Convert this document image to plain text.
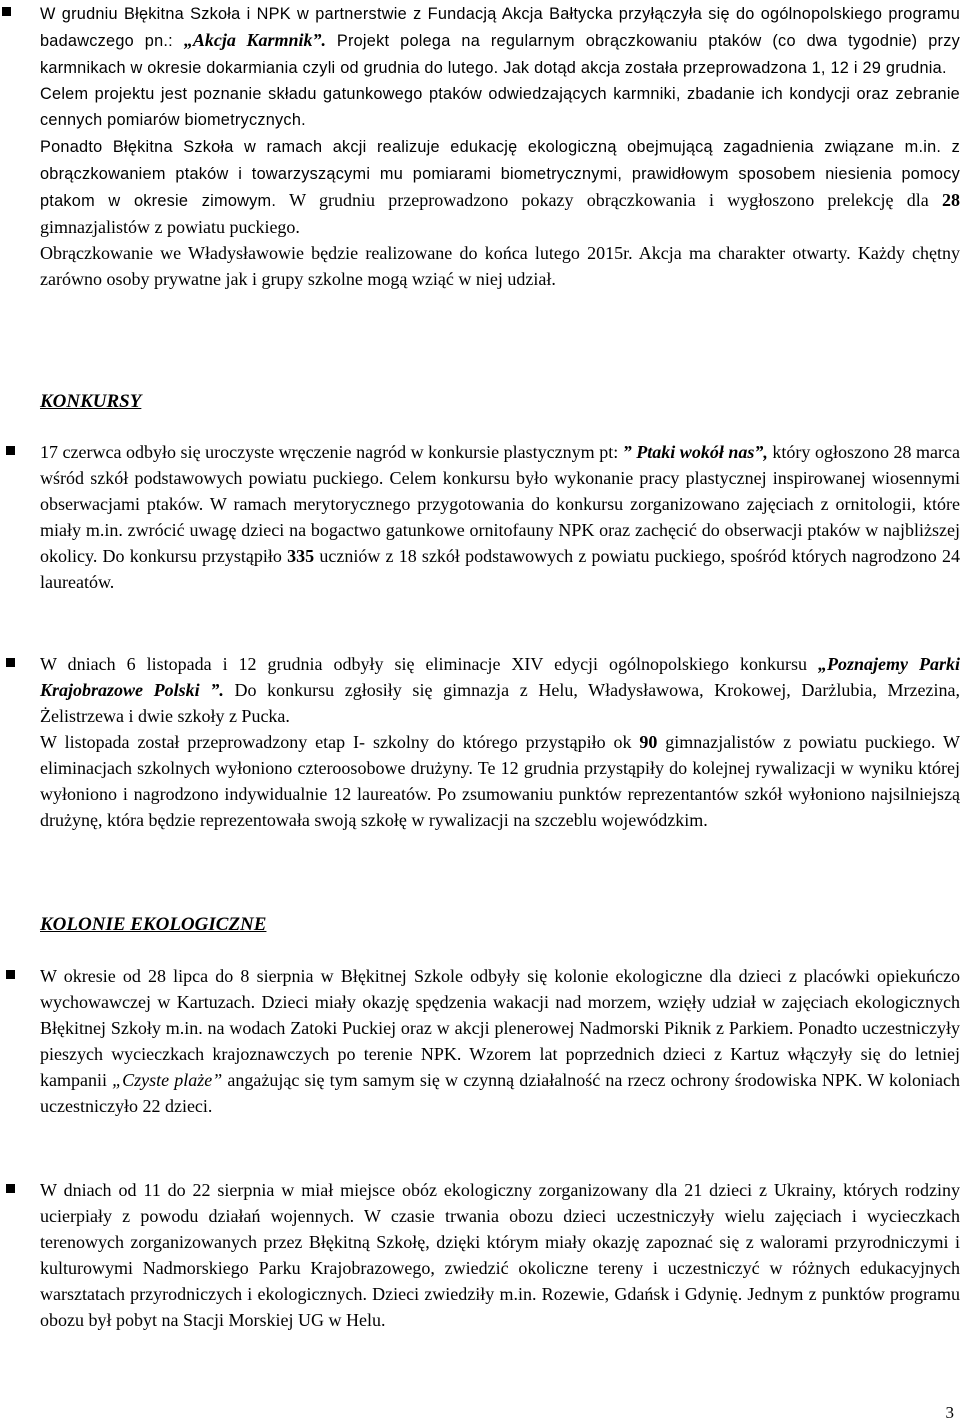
W grudniu Błękitna Szkoła i NPK w partnerstwie z Fundacją Akcja Bałtycka przyłączyła się do ogólnopolskiego programu badawczego pn.: „Akcja Karmnik”. Projekt polega na regularnym obrączkowaniu ptaków (co dwa tygodnie) przy karmnikach w okresie dokarmiania czyli od grudnia do lutego. Jak dotąd akcja została przeprowadzona 1, 12 i 29 grudnia.

Celem projektu jest poznanie składu gatunkowego ptaków odwiedzających karmniki, zbadanie ich kondycji oraz zebranie cennych pomiarów biometrycznych.

Ponadto Błękitna Szkoła w ramach akcji realizuje edukację ekologiczną obejmującą zagadnienia związane m.in. z obrączkowaniem ptaków i towarzyszącymi mu pomiarami biometrycznymi, prawidłowym sposobem niesienia pomocy ptakom w okresie zimowym. W grudniu przeprowadzono pokazy obrączkowania i wygłoszono prelekcję dla 28 gimnazjalistów z powiatu puckiego.

Obrączkowanie we Władysławowie będzie realizowane do końca lutego 2015r. Akcja ma charakter otwarty. Każdy chętny zarówno osoby prywatne jak i grupy szkolne mogą wziąć w niej udział.

KONKURSY

17 czerwca odbyło się uroczyste wręczenie nagród w konkursie plastycznym pt: ” Ptaki wokół nas”, który ogłoszono 28 marca wśród szkół podstawowych powiatu puckiego. Celem konkursu było wykonanie pracy plastycznej inspirowanej wiosennymi obserwacjami ptaków. W ramach merytorycznego przygotowania do konkursu zorganizowano zajęciach z ornitologii, które miały m.in. zwrócić uwagę dzieci na bogactwo gatunkowe ornitofauny NPK oraz zachęcić do obserwacji ptaków w najbliższej okolicy. Do konkursu przystąpiło 335 uczniów z 18 szkół podstawowych z powiatu puckiego, spośród których nagrodzono 24 laureatów.

W dniach 6 listopada i 12 grudnia odbyły się eliminacje XIV edycji ogólnopolskiego konkursu „Poznajemy Parki Krajobrazowe Polski ”. Do konkursu zgłosiły się gimnazja z Helu, Władysławowa, Krokowej, Darżlubia, Mrzezina, Żelistrzewa i dwie szkoły z Pucka.

W listopada został przeprowadzony etap I- szkolny do którego przystąpiło ok 90 gimnazjalistów z powiatu puckiego. W eliminacjach szkolnych wyłoniono czteroosobowe drużyny. Te 12 grudnia przystąpiły do kolejnej rywalizacji w wyniku której wyłoniono i nagrodzono indywidualnie 12 laureatów. Po zsumowaniu punktów reprezentantów szkół wyłoniono najsilniejszą drużynę, która będzie reprezentowała swoją szkołę w rywalizacji na szczeblu wojewódzkim.

KOLONIE EKOLOGICZNE

W okresie od 28 lipca do 8 sierpnia w Błękitnej Szkole odbyły się kolonie ekologiczne dla dzieci z placówki opiekuńczo wychowawczej w Kartuzach. Dzieci miały okazję spędzenia wakacji nad morzem, wzięły udział w zajęciach ekologicznych Błękitnej Szkoły m.in. na wodach Zatoki Puckiej oraz w akcji plenerowej Nadmorski Piknik z Parkiem. Ponadto uczestniczyły pieszych wycieczkach krajoznawczych po terenie NPK. Wzorem lat poprzednich dzieci z Kartuz włączyły się do letniej kampanii „Czyste plaże” angażując się tym samym się w czynną działalność na rzecz ochrony środowiska NPK. W koloniach uczestniczyło 22 dzieci.

W dniach od 11 do 22 sierpnia w miał miejsce obóz ekologiczny zorganizowany dla 21 dzieci z Ukrainy, których rodziny ucierpiały z powodu działań wojennych. W czasie trwania obozu dzieci uczestniczyły wielu zajęciach i wycieczkach terenowych zorganizowanych przez Błękitną Szkołę, dzięki którym miały okazję zapoznać się z walorami przyrodniczymi i kulturowymi Nadmorskiego Parku Krajobrazowego, zwiedzić okoliczne tereny i uczestniczyć w różnych edukacyjnych warsztatach przyrodniczych i ekologicznych. Dzieci zwiedziły m.in. Rozewie, Gdańsk i Gdynię. Jednym z punktów programu obozu był pobyt na Stacji Morskiej UG w Helu.

3
